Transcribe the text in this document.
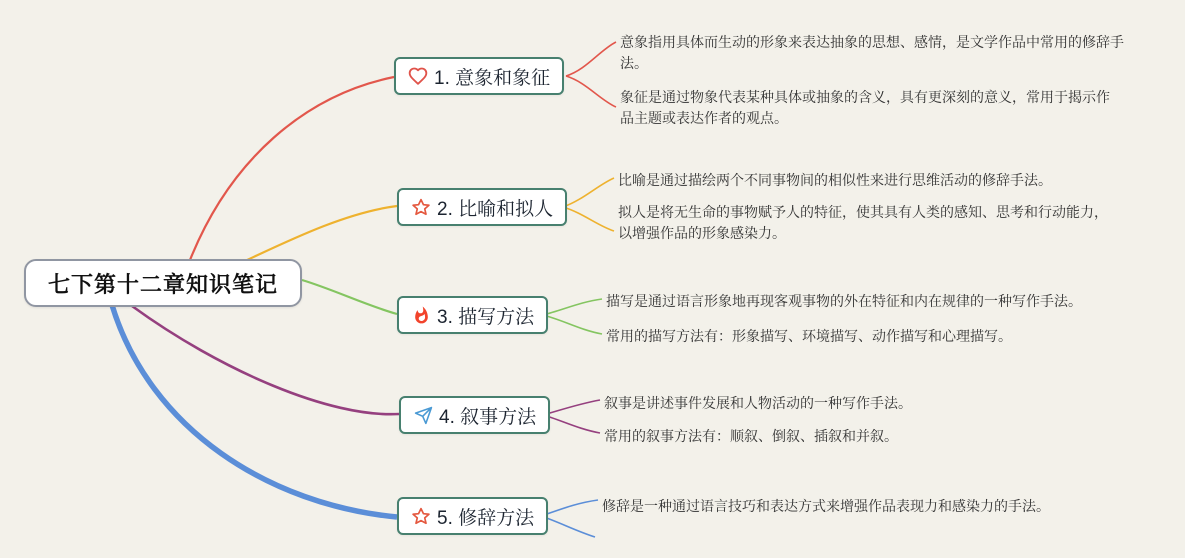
七下第十二章知识笔记
1. 意象和象征

意象指用具体而生动的形象来表达抽象的思想、感情，是文学作品中常用的修辞手法。

象征是通过物象代表某种具体或抽象的含义，具有更深刻的意义，常用于揭示作品主题或表达作者的观点。

2. 比喻和拟人

比喻是通过描绘两个不同事物间的相似性来进行思维活动的修辞手法。

拟人是将无生命的事物赋予人的特征，使其具有人类的感知、思考和行动能力，以增强作品的形象感染力。

3. 描写方法

描写是通过语言形象地再现客观事物的外在特征和内在规律的一种写作手法。

常用的描写方法有：形象描写、环境描写、动作描写和心理描写。

4. 叙事方法

叙事是讲述事件发展和人物活动的一种写作手法。

常用的叙事方法有：顺叙、倒叙、插叙和并叙。

5. 修辞方法

修辞是一种通过语言技巧和表达方式来增强作品表现力和感染力的手法。
